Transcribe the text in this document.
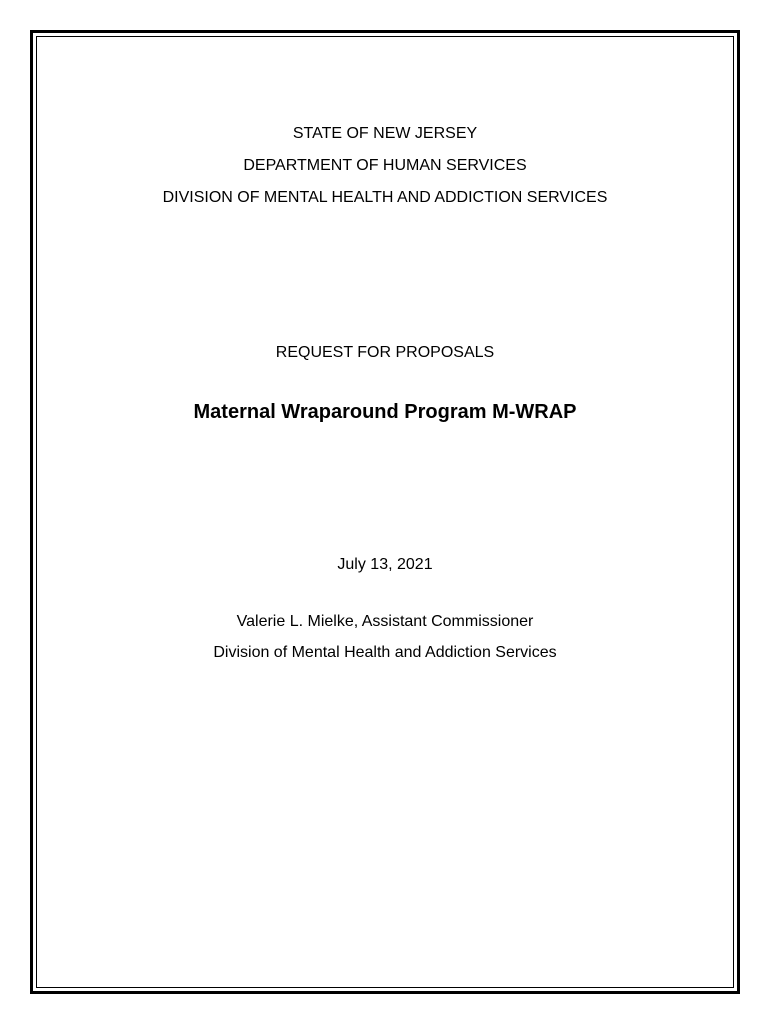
STATE OF NEW JERSEY
DEPARTMENT OF HUMAN SERVICES
DIVISION OF MENTAL HEALTH AND ADDICTION SERVICES
REQUEST FOR PROPOSALS
Maternal Wraparound Program M-WRAP
July 13, 2021
Valerie L. Mielke, Assistant Commissioner
Division of Mental Health and Addiction Services
